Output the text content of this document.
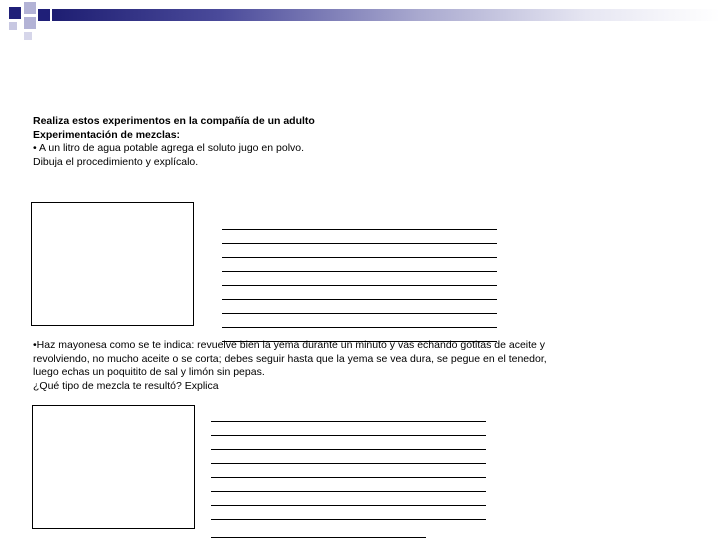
Realiza estos experimentos en la compañía de un adulto
Experimentación de mezclas:
• A un litro de agua potable agrega el soluto jugo en polvo.
Dibuja el procedimiento y explícalo.
•Haz mayonesa como se te indica: revuelve bien la yema durante un minuto y vas echando gotitas de aceite y
revolviendo, no mucho aceite o se corta; debes seguir hasta que la yema se vea dura, se pegue en el tenedor,
luego echas un poquitito de sal y limón sin pepas.
¿Qué tipo de mezcla te resultó? Explica
